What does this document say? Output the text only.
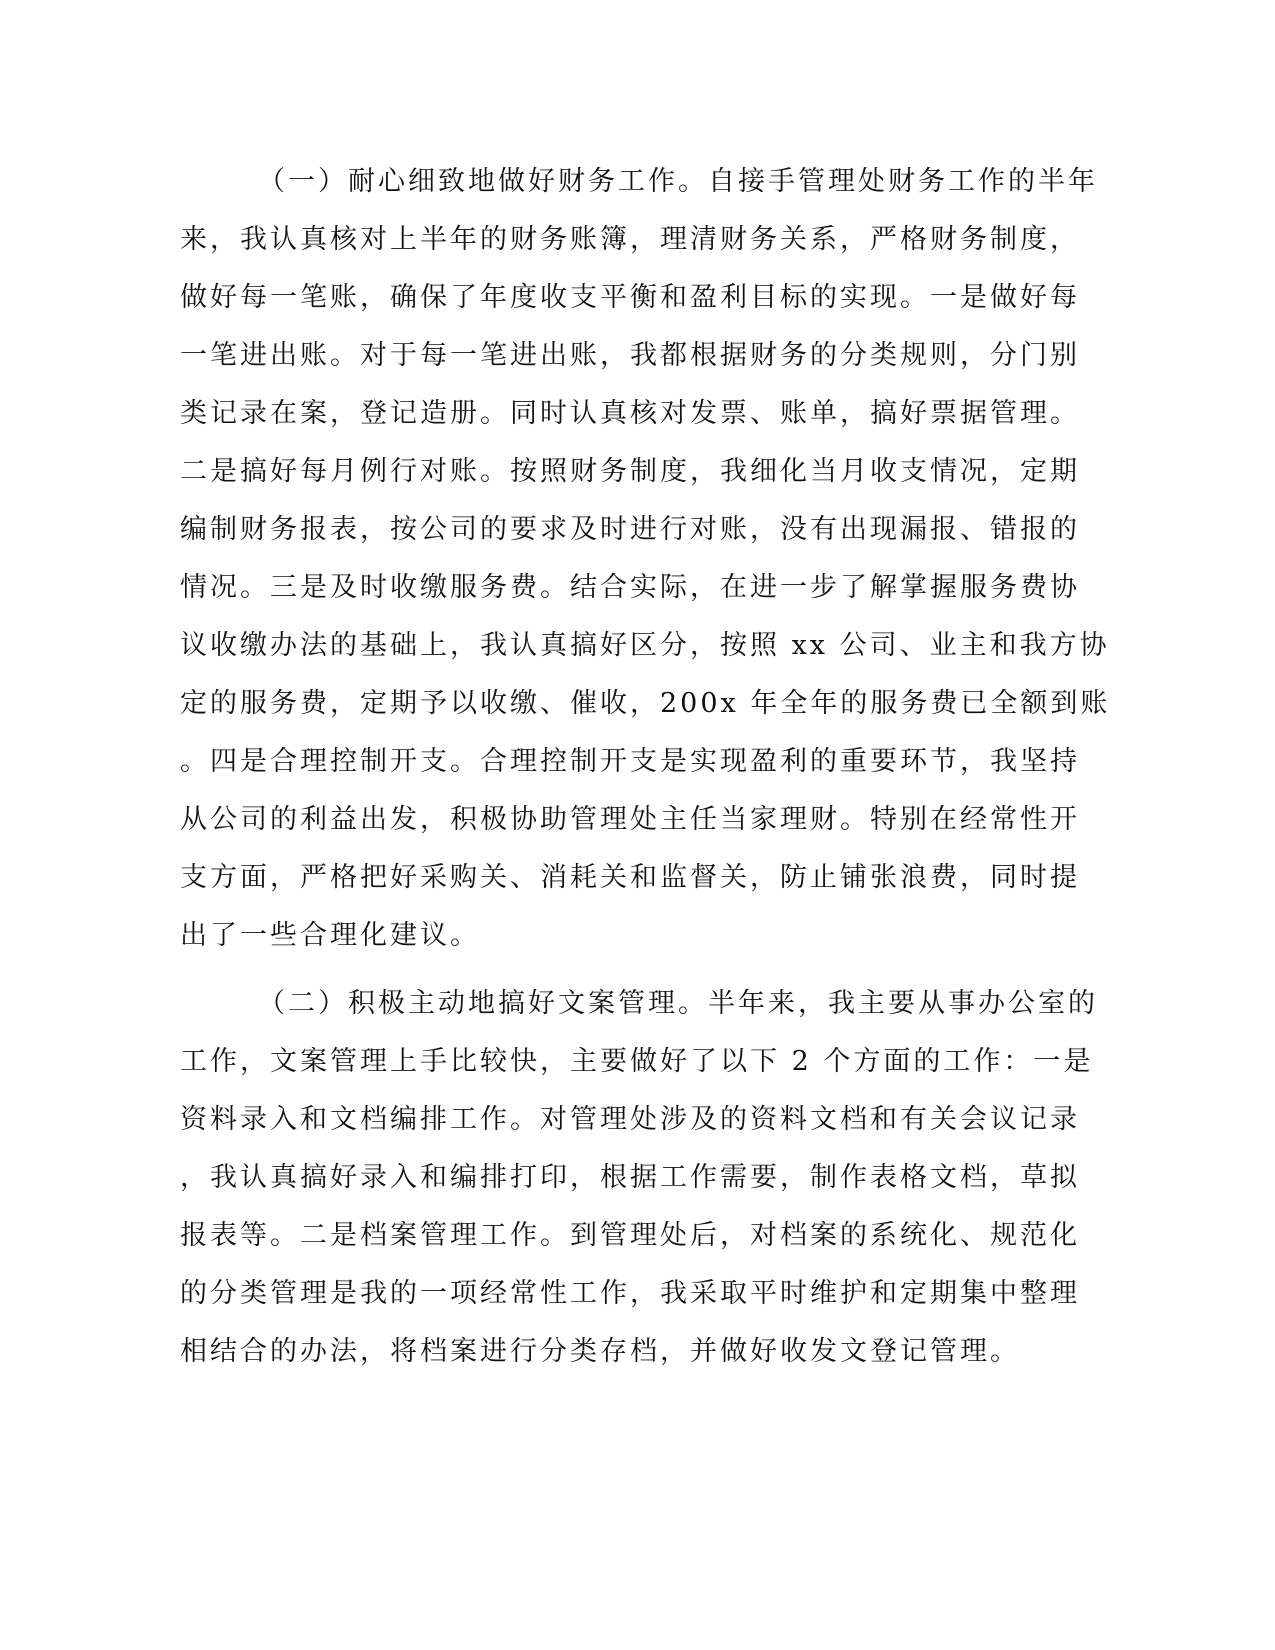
（一）耐心细致地做好财务工作。自接手管理处财务工作的半年
来，我认真核对上半年的财务账簿，理清财务关系，严格财务制度，
做好每一笔账，确保了年度收支平衡和盈利目标的实现。一是做好每
一笔进出账。对于每一笔进出账，我都根据财务的分类规则，分门别
类记录在案，登记造册。同时认真核对发票、账单，搞好票据管理。
二是搞好每月例行对账。按照财务制度，我细化当月收支情况，定期
编制财务报表，按公司的要求及时进行对账，没有出现漏报、错报的
情况。三是及时收缴服务费。结合实际，在进一步了解掌握服务费协
议收缴办法的基础上，我认真搞好区分，按照 xx 公司、业主和我方协
定的服务费，定期予以收缴、催收，200x 年全年的服务费已全额到账
。四是合理控制开支。合理控制开支是实现盈利的重要环节，我坚持
从公司的利益出发，积极协助管理处主任当家理财。特别在经常性开
支方面，严格把好采购关、消耗关和监督关，防止铺张浪费，同时提
出了一些合理化建议。
（二）积极主动地搞好文案管理。半年来，我主要从事办公室的
工作，文案管理上手比较快，主要做好了以下 2 个方面的工作：一是
资料录入和文档编排工作。对管理处涉及的资料文档和有关会议记录
，我认真搞好录入和编排打印，根据工作需要，制作表格文档，草拟
报表等。二是档案管理工作。到管理处后，对档案的系统化、规范化
的分类管理是我的一项经常性工作，我采取平时维护和定期集中整理
相结合的办法，将档案进行分类存档，并做好收发文登记管理。
